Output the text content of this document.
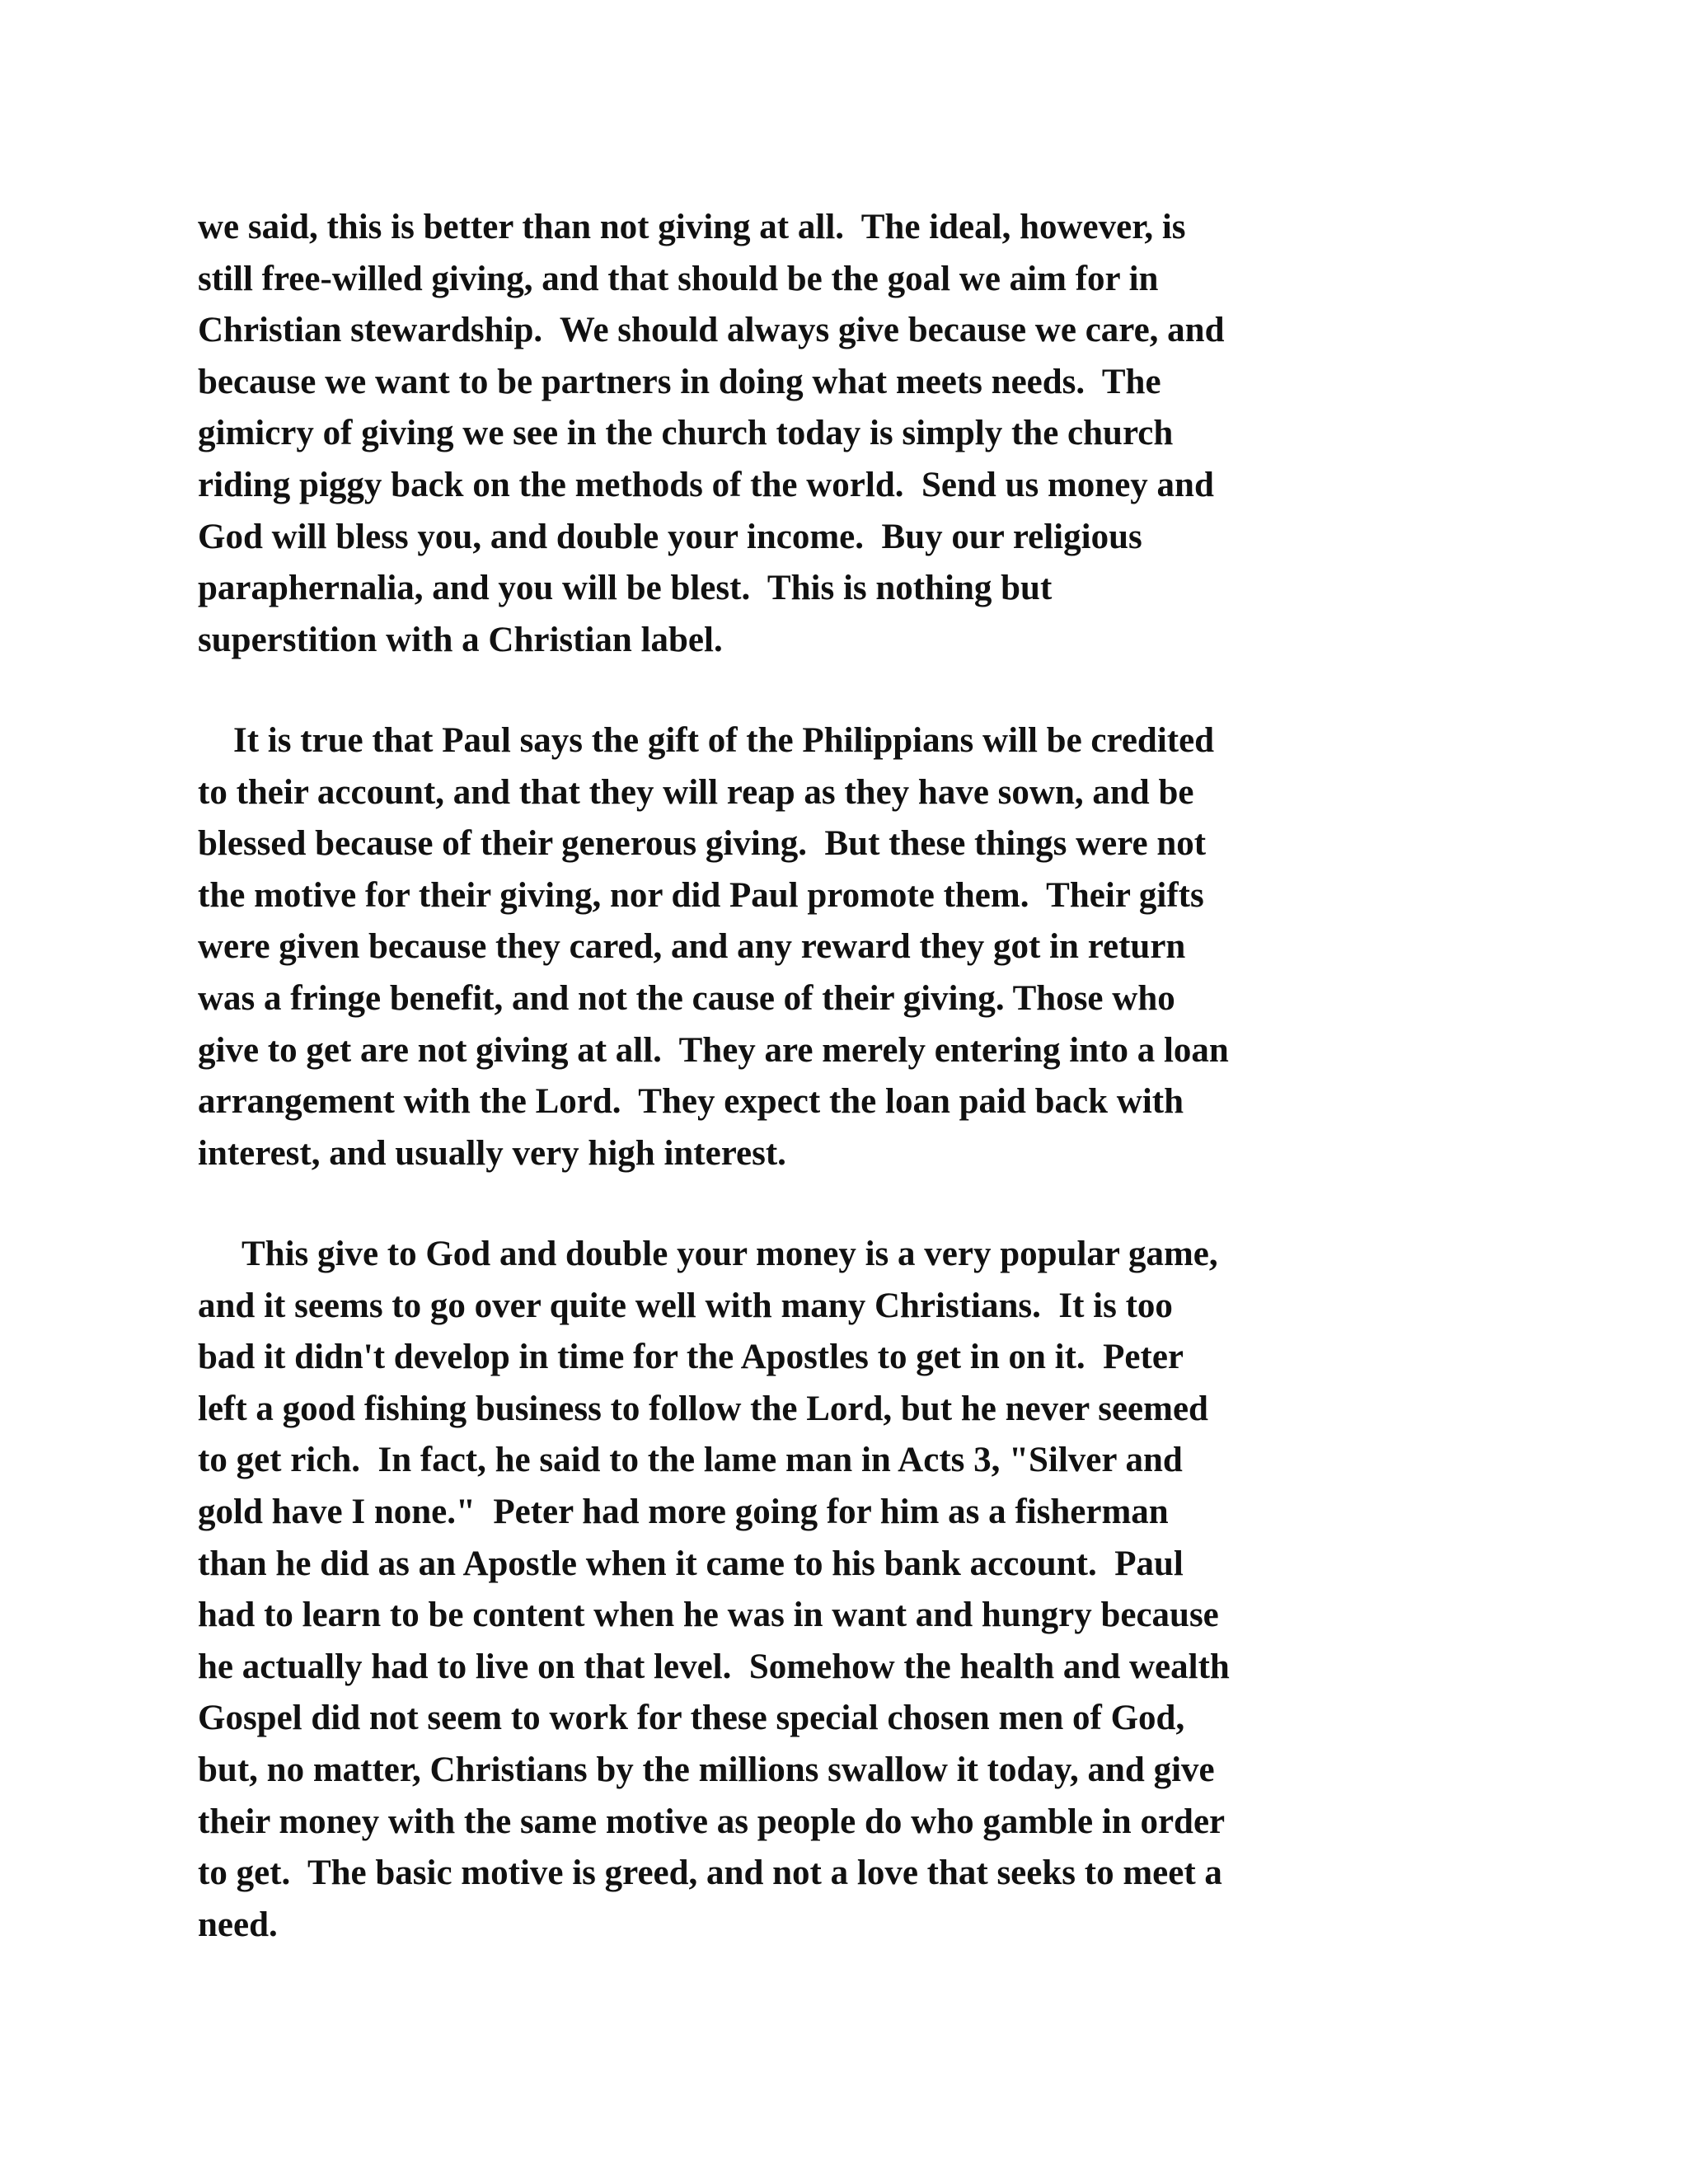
we said, this is better than not giving at all.  The ideal, however, is
still free-willed giving, and that should be the goal we aim for in
Christian stewardship.  We should always give because we care, and
because we want to be partners in doing what meets needs.  The
gimicry of giving we see in the church today is simply the church
riding piggy back on the methods of the world.  Send us money and
God will bless you, and double your income.  Buy our religious
paraphernalia, and you will be blest.  This is nothing but
superstition with a Christian label.
It is true that Paul says the gift of the Philippians will be credited
to their account, and that they will reap as they have sown, and be
blessed because of their generous giving.  But these things were not
the motive for their giving, nor did Paul promote them.  Their gifts
were given because they cared, and any reward they got in return
was a fringe benefit, and not the cause of their giving. Those who
give to get are not giving at all.  They are merely entering into a loan
arrangement with the Lord.  They expect the loan paid back with
interest, and usually very high interest.
This give to God and double your money is a very popular game,
and it seems to go over quite well with many Christians.  It is too
bad it didn't develop in time for the Apostles to get in on it.  Peter
left a good fishing business to follow the Lord, but he never seemed
to get rich.  In fact, he said to the lame man in Acts 3, "Silver and
gold have I none."  Peter had more going for him as a fisherman
than he did as an Apostle when it came to his bank account.  Paul
had to learn to be content when he was in want and hungry because
he actually had to live on that level.  Somehow the health and wealth
Gospel did not seem to work for these special chosen men of God,
but, no matter, Christians by the millions swallow it today, and give
their money with the same motive as people do who gamble in order
to get.  The basic motive is greed, and not a love that seeks to meet a
need.
